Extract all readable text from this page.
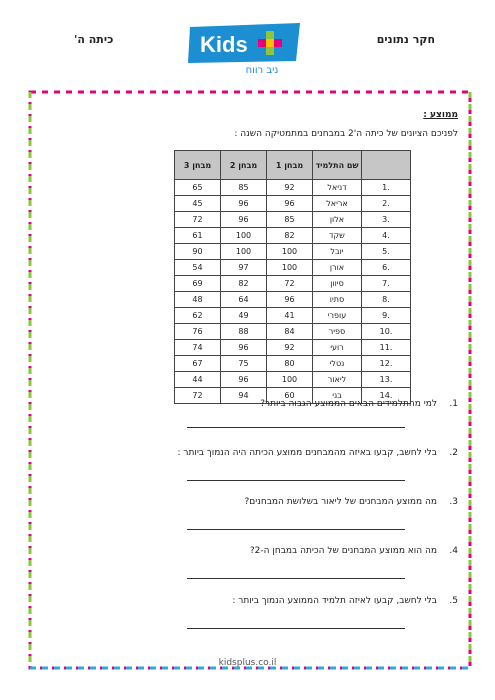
כיתה ה'	חקר נתונים
Kids
ניב רווח
ממוצע :
לפניכם הציונים של כיתה ה'2 במבחנים במתמטיקה השנה :
	שם התלמיד	מבחן 1	מבחן 2	מבחן 3
.1	דניאל	92	85	65
.2	אריאל	96	96	45
.3	אלון	85	96	72
.4	שקד	82	100	61
.5	יובל	100	100	90
.6	אורן	100	97	54
.7	סיוון	72	82	69
.8	סתיו	96	64	48
.9	עופרי	41	49	62
.10	ספיר	84	88	76
.11	רועי	92	96	74
.12	נטלי	80	75	67
.13	ליאור	100	96	44
.14	בני	60	94	72
.1
למי מהתלמידים הבאים הממוצע הגבוה ביותר?
.2
בלי לחשב, קבעו באיזה מהמבחנים ממוצע הכיתה היה הנמוך ביותר :
.3
מה ממוצע המבחנים של ליאור בשלושת המבחנים?
.4
מה הוא ממוצע המבחנים של הכיתה במבחן ה-2?
.5
בלי לחשב, קבעו לאיזה תלמיד הממוצע הנמוך ביותר :
kidsplus.co.il
